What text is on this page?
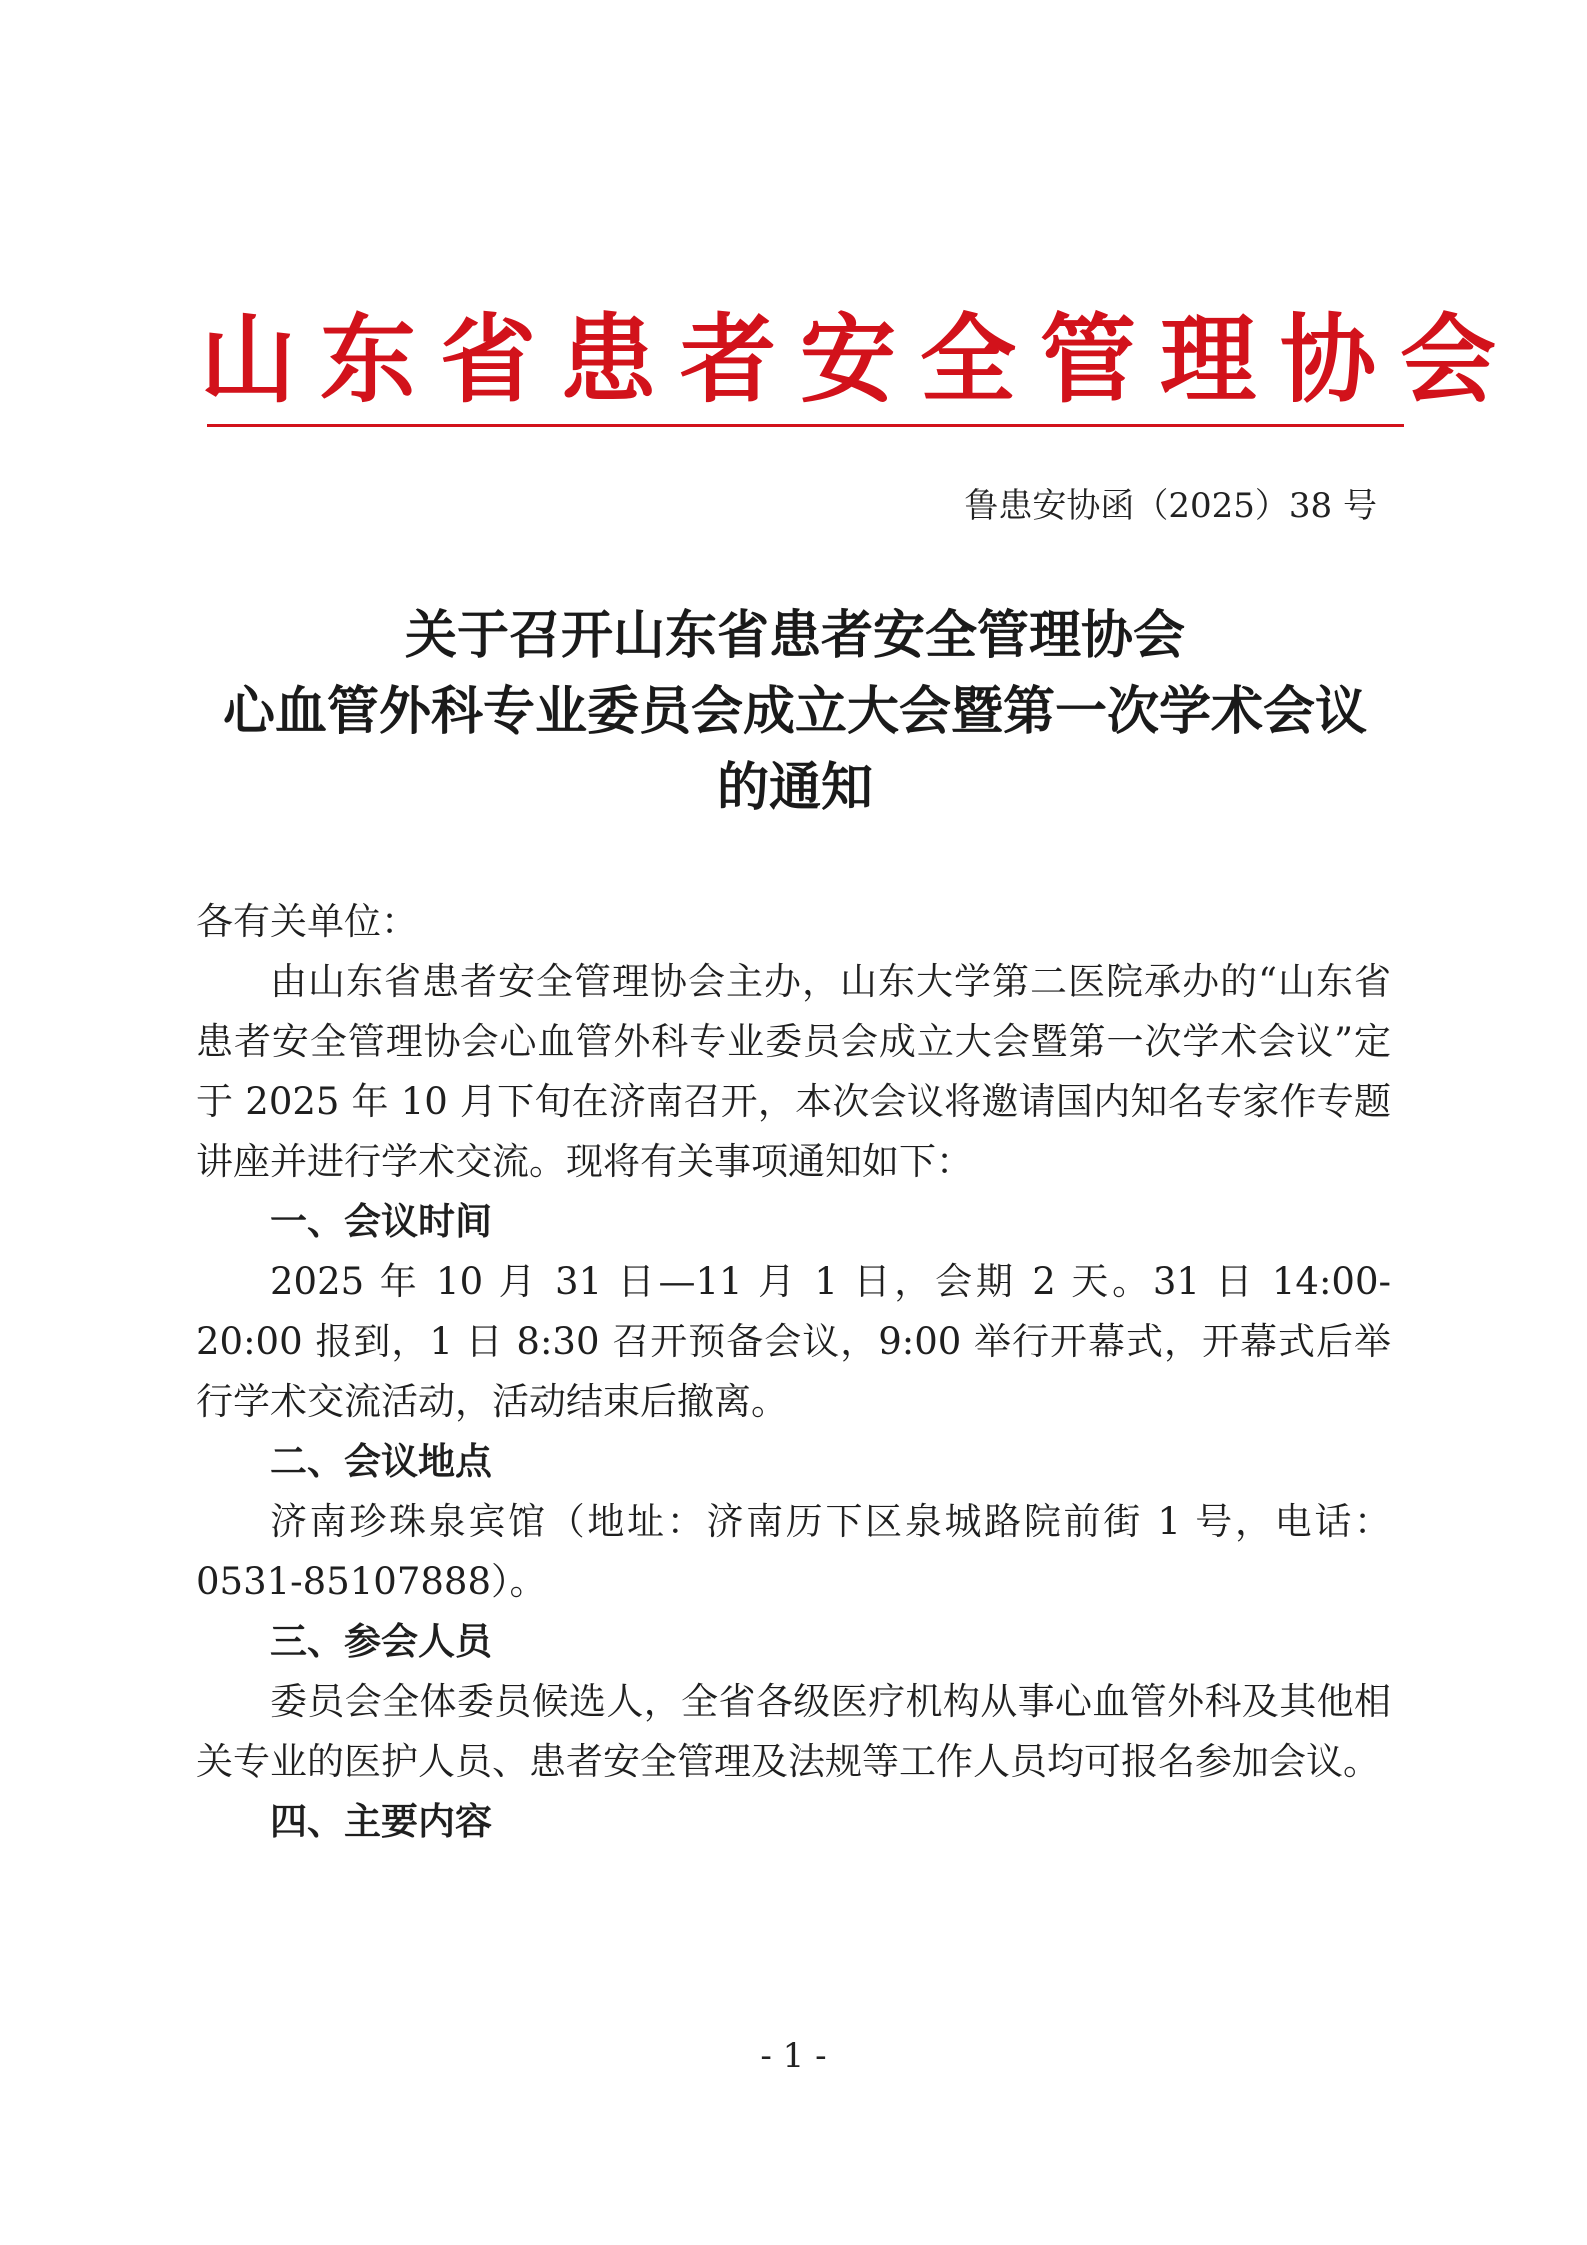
山东省患者安全管理协会
鲁患安协函（2025）38 号
关于召开山东省患者安全管理协会
心血管外科专业委员会成立大会暨第一次学术会议
的通知
各有关单位：

由山东省患者安全管理协会主办，山东大学第二医院承办的“山东省患者安全管理协会心血管外科专业委员会成立大会暨第一次学术会议”定于 2025 年 10 月下旬在济南召开，本次会议将邀请国内知名专家作专题讲座并进行学术交流。现将有关事项通知如下：

一、会议时间

2025 年 10 月 31 日—11 月 1 日，会期 2 天。31 日 14:00-20:00 报到，1 日 8:30 召开预备会议，9:00 举行开幕式，开幕式后举行学术交流活动，活动结束后撤离。

二、会议地点

济南珍珠泉宾馆（地址：济南历下区泉城路院前街 1 号，电话：0531-85107888）。

三、参会人员

委员会全体委员候选人，全省各级医疗机构从事心血管外科及其他相关专业的医护人员、患者安全管理及法规等工作人员均可报名参加会议。

四、主要内容
- 1 -
